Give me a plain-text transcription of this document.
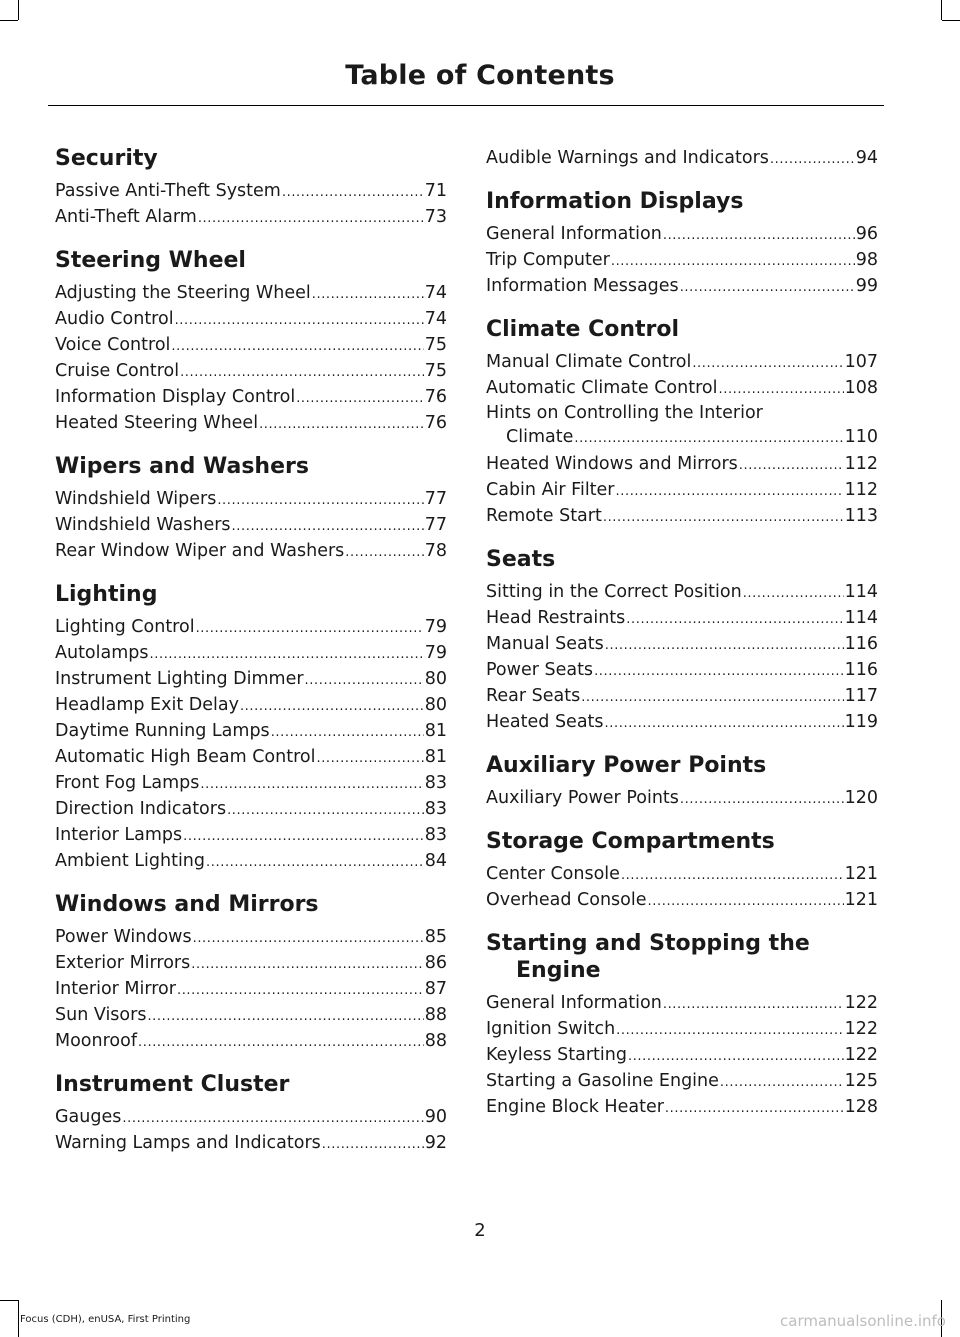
Table of Contents
Security
Passive Anti-Theft System .....	71
Anti-Theft Alarm .....	73
Steering Wheel
Adjusting the Steering Wheel .....	74
Audio Control .....	74
Voice Control .....	75
Cruise Control .....	75
Information Display Control .....	76
Heated Steering Wheel .....	76
Wipers and Washers
Windshield Wipers .....	77
Windshield Washers .....	77
Rear Window Wiper and Washers .....	78
Lighting
Lighting Control .....	79
Autolamps .....	79
Instrument Lighting Dimmer .....	80
Headlamp Exit Delay .....	80
Daytime Running Lamps .....	81
Automatic High Beam Control .....	81
Front Fog Lamps .....	83
Direction Indicators .....	83
Interior Lamps .....	83
Ambient Lighting .....	84
Windows and Mirrors
Power Windows .....	85
Exterior Mirrors .....	86
Interior Mirror .....	87
Sun Visors .....	88
Moonroof .....	88
Instrument Cluster
Gauges .....	90
Warning Lamps and Indicators .....	92
Audible Warnings and Indicators .....	94
Information Displays
General Information .....	96
Trip Computer .....	98
Information Messages .....	99
Climate Control
Manual Climate Control .....	107
Automatic Climate Control .....	108
Hints on Controlling the Interior
Climate .....	110
Heated Windows and Mirrors .....	112
Cabin Air Filter .....	112
Remote Start .....	113
Seats
Sitting in the Correct Position .....	114
Head Restraints .....	114
Manual Seats .....	116
Power Seats .....	116
Rear Seats .....	117
Heated Seats .....	119
Auxiliary Power Points
Auxiliary Power Points .....	120
Storage Compartments
Center Console .....	121
Overhead Console .....	121
Starting and Stopping the Engine
General Information .....	122
Ignition Switch .....	122
Keyless Starting .....	122
Starting a Gasoline Engine .....	125
Engine Block Heater .....	128
2
Focus (CDH), enUSA, First Printing	carmanualsonline.info
